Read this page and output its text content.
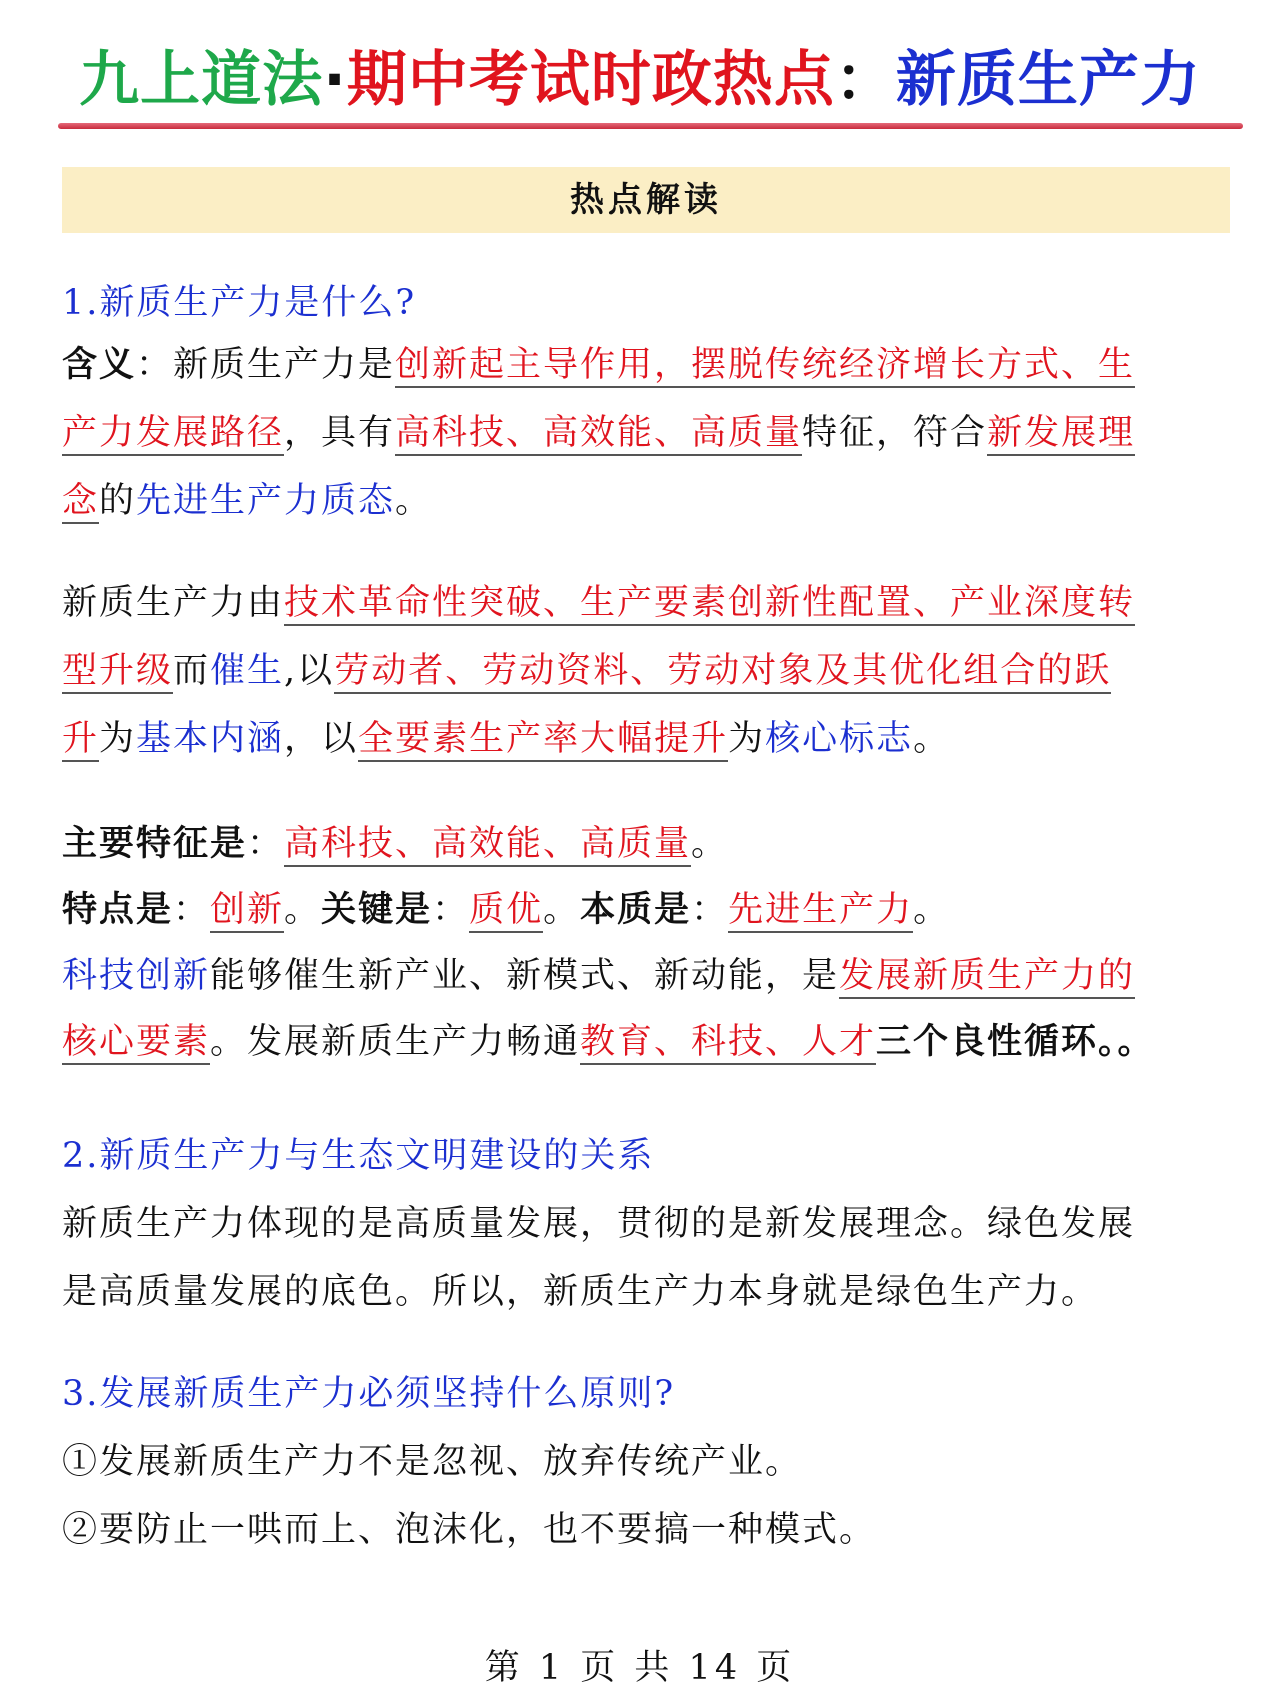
九上道法·期中考试时政热点：新质生产力
热点解读
1.新质生产力是什么?
含义：新质生产力是创新起主导作用，摆脱传统经济增长方式、生
产力发展路径，具有高科技、高效能、高质量特征，符合新发展理
念的先进生产力质态。
新质生产力由技术革命性突破、生产要素创新性配置、产业深度转
型升级而催生,以劳动者、劳动资料、劳动对象及其优化组合的跃
升为基本内涵，以全要素生产率大幅提升为核心标志。
主要特征是：高科技、高效能、高质量。
特点是：创新。关键是：质优。本质是：先进生产力。
科技创新能够催生新产业、新模式、新动能，是发展新质生产力的
核心要素。发展新质生产力畅通教育、科技、人才三个良性循环。。
2.新质生产力与生态文明建设的关系
新质生产力体现的是高质量发展，贯彻的是新发展理念。绿色发展
是高质量发展的底色。所以，新质生产力本身就是绿色生产力。
3.发展新质生产力必须坚持什么原则?
①发展新质生产力不是忽视、放弃传统产业。
②要防止一哄而上、泡沫化，也不要搞一种模式。
第 1 页 共 14 页
